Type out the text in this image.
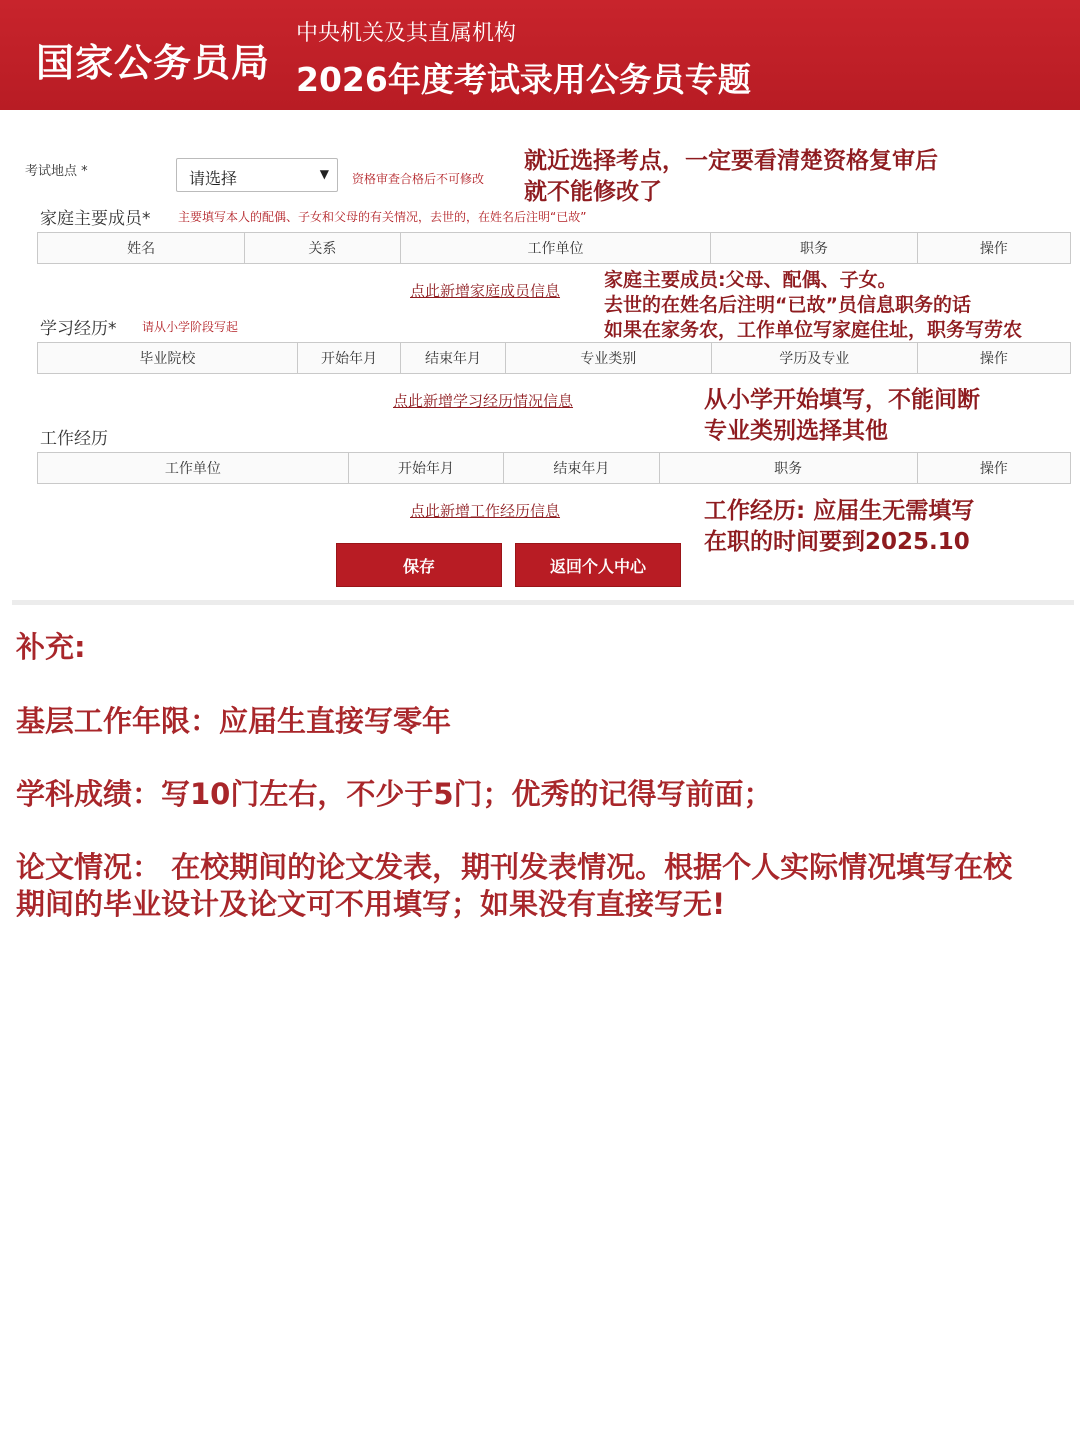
国家公务员局
中央机关及其直属机构
2026年度考试录用公务员专题
考试地点 *	请选择	▼ 资格审查合格后不可修改
就近选择考点，一定要看清楚资格复审后
就不能修改了
家庭主要成员* 主要填写本人的配偶、子女和父母的有关情况，去世的，在姓名后注明“已故”
姓名	关系	工作单位	职务	操作
点此新增家庭成员信息 家庭主要成员:父母、配偶、子女。
去世的在姓名后注明“已故”员信息职务的话
如果在家务农，工作单位写家庭住址，职务写劳农
学习经历* 请从小学阶段写起
毕业院校	开始年月	结束年月	专业类别	学历及专业	操作
点此新增学习经历情况信息	从小学开始填写，不能间断
专业类别选择其他
工作经历
工作单位	开始年月	结束年月	职务	操作
点此新增工作经历信息	工作经历: 应届生无需填写
在职的时间要到2025.10
保存	返回个人中心
补充:
基层工作年限：应届生直接写零年
学科成绩：写10门左右，不少于5门；优秀的记得写前面；
论文情况： 在校期间的论文发表，期刊发表情况。根据个人实际情况填写在校
期间的毕业设计及论文可不用填写；如果没有直接写无!
